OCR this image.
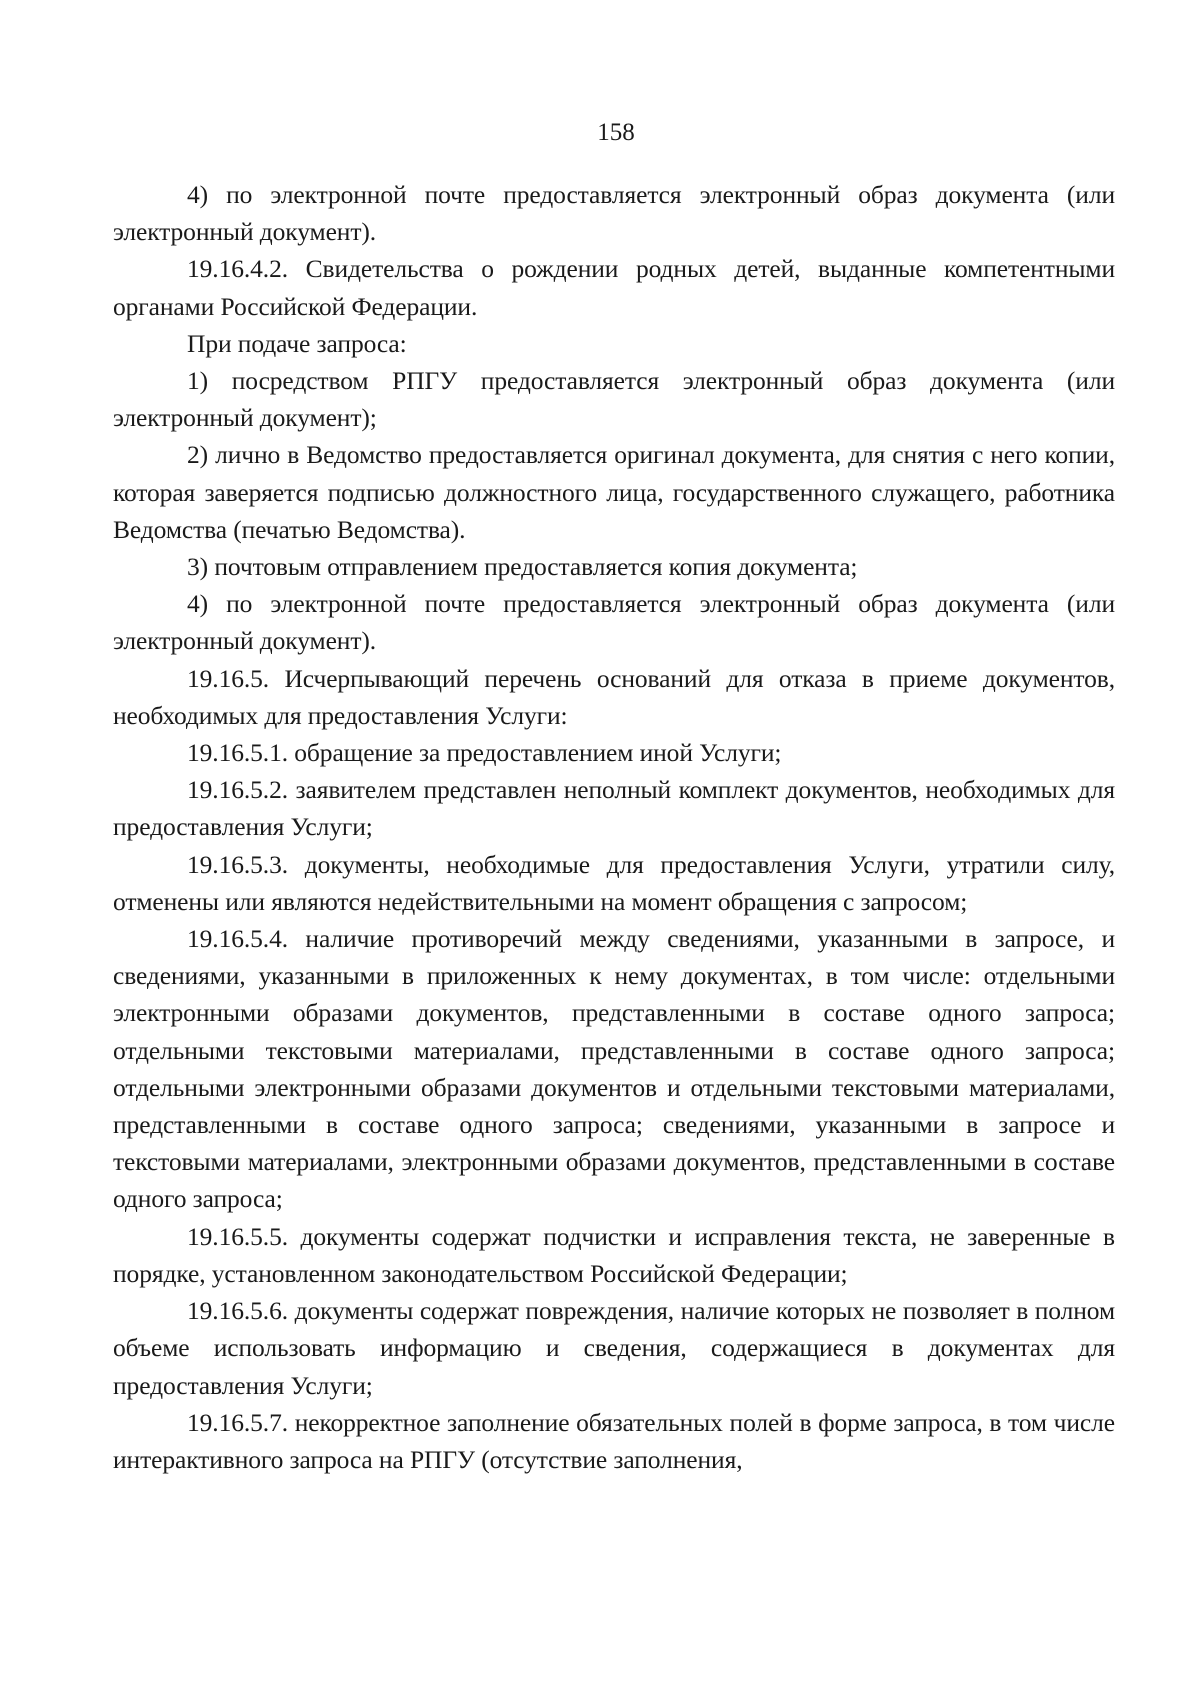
158

4) по электронной почте предоставляется электронный образ документа (или электронный документ).

19.16.4.2. Свидетельства о рождении родных детей, выданные компетентными органами Российской Федерации.

При подаче запроса:

1) посредством РПГУ предоставляется электронный образ документа (или электронный документ);

2) лично в Ведомство предоставляется оригинал документа, для снятия с него копии, которая заверяется подписью должностного лица, государственного служащего, работника Ведомства (печатью Ведомства).

3) почтовым отправлением предоставляется копия документа;

4) по электронной почте предоставляется электронный образ документа (или электронный документ).

19.16.5. Исчерпывающий перечень оснований для отказа в приеме документов, необходимых для предоставления Услуги:

19.16.5.1. обращение за предоставлением иной Услуги;

19.16.5.2. заявителем представлен неполный комплект документов, необходимых для предоставления Услуги;

19.16.5.3. документы, необходимые для предоставления Услуги, утратили силу, отменены или являются недействительными на момент обращения с запросом;

19.16.5.4. наличие противоречий между сведениями, указанными в запросе, и сведениями, указанными в приложенных к нему документах, в том числе: отдельными электронными образами документов, представленными в составе одного запроса; отдельными текстовыми материалами, представленными в составе одного запроса; отдельными электронными образами документов и отдельными текстовыми материалами, представленными в составе одного запроса; сведениями, указанными в запросе и текстовыми материалами, электронными образами документов, представленными в составе одного запроса;

19.16.5.5. документы содержат подчистки и исправления текста, не заверенные в порядке, установленном законодательством Российской Федерации;

19.16.5.6. документы содержат повреждения, наличие которых не позволяет в полном объеме использовать информацию и сведения, содержащиеся в документах для предоставления Услуги;

19.16.5.7. некорректное заполнение обязательных полей в форме запроса, в том числе интерактивного запроса на РПГУ (отсутствие заполнения,
